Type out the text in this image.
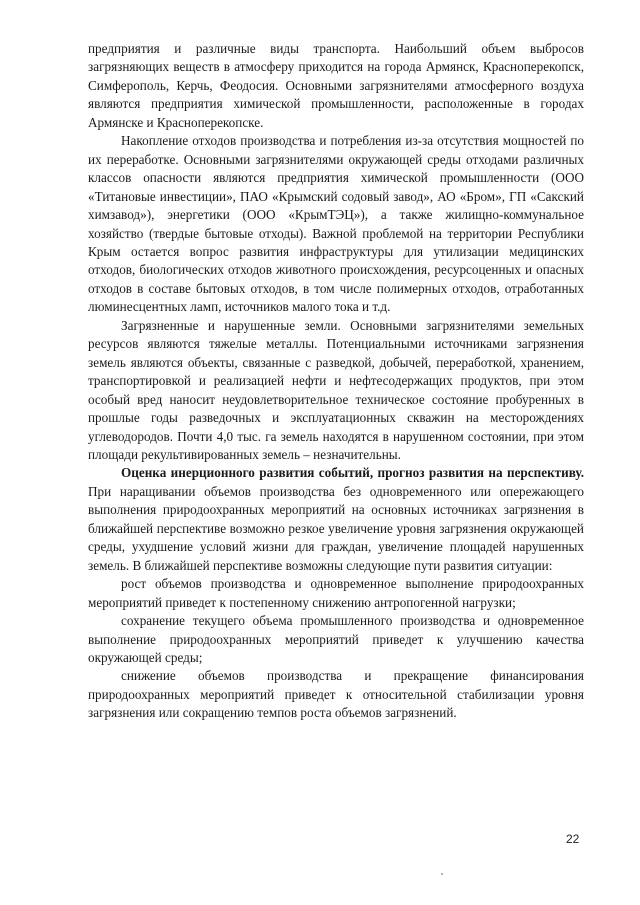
предприятия и различные виды транспорта. Наибольший объем выбросов загрязняющих веществ в атмосферу приходится на города Армянск, Красноперекопск, Симферополь, Керчь, Феодосия. Основными загрязнителями атмосферного воздуха являются предприятия химической промышленности, расположенные в городах Армянске и Красноперекопске.

Накопление отходов производства и потребления из-за отсутствия мощностей по их переработке. Основными загрязнителями окружающей среды отходами различных классов опасности являются предприятия химической промышленности (ООО «Титановые инвестиции», ПАО «Крымский содовый завод», АО «Бром», ГП «Сакский химзавод»), энергетики (ООО «КрымТЭЦ»), а также жилищно-коммунальное хозяйство (твердые бытовые отходы). Важной проблемой на территории Республики Крым остается вопрос развития инфраструктуры для утилизации медицинских отходов, биологических отходов животного происхождения, ресурсоценных и опасных отходов в составе бытовых отходов, в том числе полимерных отходов, отработанных люминесцентных ламп, источников малого тока и т.д.

Загрязненные и нарушенные земли. Основными загрязнителями земельных ресурсов являются тяжелые металлы. Потенциальными источниками загрязнения земель являются объекты, связанные с разведкой, добычей, переработкой, хранением, транспортировкой и реализацией нефти и нефтесодержащих продуктов, при этом особый вред наносит неудовлетворительное техническое состояние пробуренных в прошлые годы разведочных и эксплуатационных скважин на месторождениях углеводородов. Почти 4,0 тыс. га земель находятся в нарушенном состоянии, при этом площади рекультивированных земель – незначительны.

Оценка инерционного развития событий, прогноз развития на перспективу. При наращивании объемов производства без одновременного или опережающего выполнения природоохранных мероприятий на основных источниках загрязнения в ближайшей перспективе возможно резкое увеличение уровня загрязнения окружающей среды, ухудшение условий жизни для граждан, увеличение площадей нарушенных земель. В ближайшей перспективе возможны следующие пути развития ситуации:

рост объемов производства и одновременное выполнение природоохранных мероприятий приведет к постепенному снижению антропогенной нагрузки;

сохранение текущего объема промышленного производства и одновременное выполнение природоохранных мероприятий приведет к улучшению качества окружающей среды;

снижение объемов производства и прекращение финансирования природоохранных мероприятий приведет к относительной стабилизации уровня загрязнения или сокращению темпов роста объемов загрязнений.

22
